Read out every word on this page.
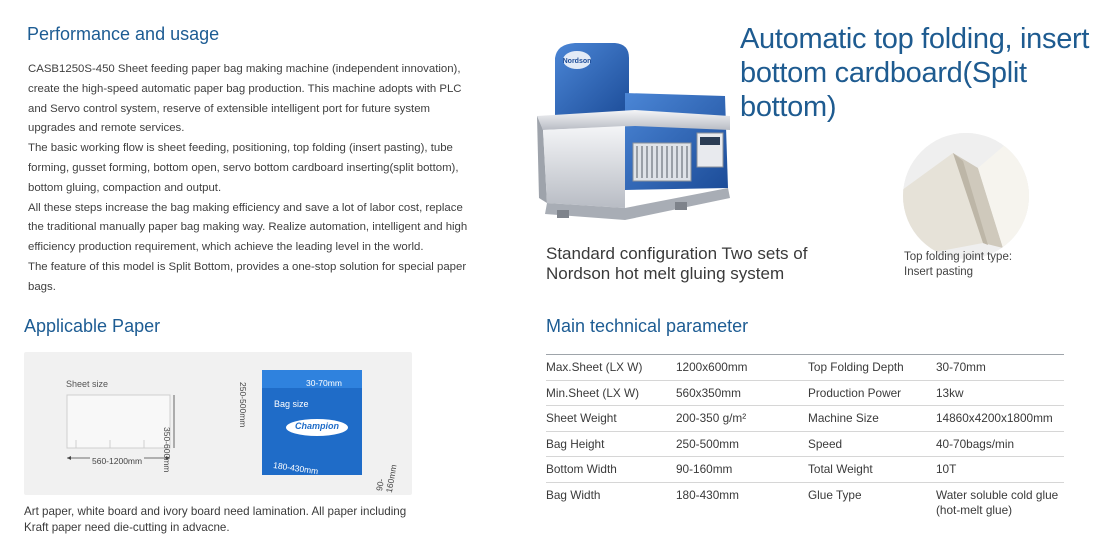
Performance and usage

CASB1250S-450 Sheet feeding paper bag making machine (independent innovation), create the high-speed automatic paper bag production. This machine adopts with PLC and Servo control system, reserve of extensible intelligent port for future system upgrades and remote services.

The basic working flow is sheet feeding, positioning, top folding (insert pasting), tube forming, gusset forming, bottom open, servo bottom cardboard inserting(split bottom), bottom gluing, compaction and output.

All these steps increase the bag making efficiency and save a lot of labor cost, replace the traditional manually paper bag making way. Realize automation, intelligent and high efficiency production requirement, which achieve the leading level in the world.

The feature of this model is Split Bottom, provides a one-stop solution for special paper bags.

Nordson
Automatic top folding, insert
bottom cardboard(Split bottom)
Standard configuration Two sets of
Nordson hot melt gluing system
Top folding joint type:
Insert pasting
Applicable Paper
Sheet size
560-1200mm 350-600mm
Champion
Bag size
30-70mm
180-430mm
250-500mm
90-160mm
Art paper, white board and ivory board need lamination. All paper including
Kraft paper need die-cutting in advacne.
Main technical parameter
Max.Sheet (LX W)	1200x600mm	Top Folding Depth	30-70mm
Min.Sheet (LX W)	560x350mm	Production Power	13kw
Sheet Weight	200-350 g/m²	Machine Size	14860x4200x1800mm
Bag Height	250-500mm	Speed	40-70bags/min
Bottom Width	90-160mm	Total Weight	10T
Bag Width	180-430mm	Glue Type	Water soluble cold glue
(hot-melt glue)
